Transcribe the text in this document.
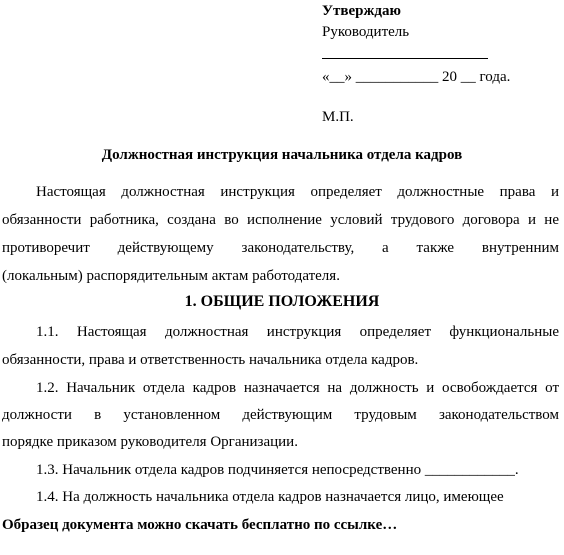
Утверждаю
Руководитель
«__» ___________ 20 __ года.
М.П.
Должностная инструкция начальника отдела кадров
Настоящая должностная инструкция определяет должностные права и
обязанности работника, создана во исполнение условий трудового договора и не
противоречит действующему законодательству, а также внутренним
(локальным) распорядительным актам работодателя.
1. ОБЩИЕ ПОЛОЖЕНИЯ
1.1. Настоящая должностная инструкция определяет функциональные
обязанности, права и ответственность начальника отдела кадров.
1.2. Начальник отдела кадров назначается на должность и освобождается от
должности в установленном действующим трудовым законодательством
порядке приказом руководителя Организации.
1.3. Начальник отдела кадров подчиняется непосредственно ____________.
1.4. На должность начальника отдела кадров назначается лицо, имеющее
Образец документа можно скачать бесплатно по ссылке…
